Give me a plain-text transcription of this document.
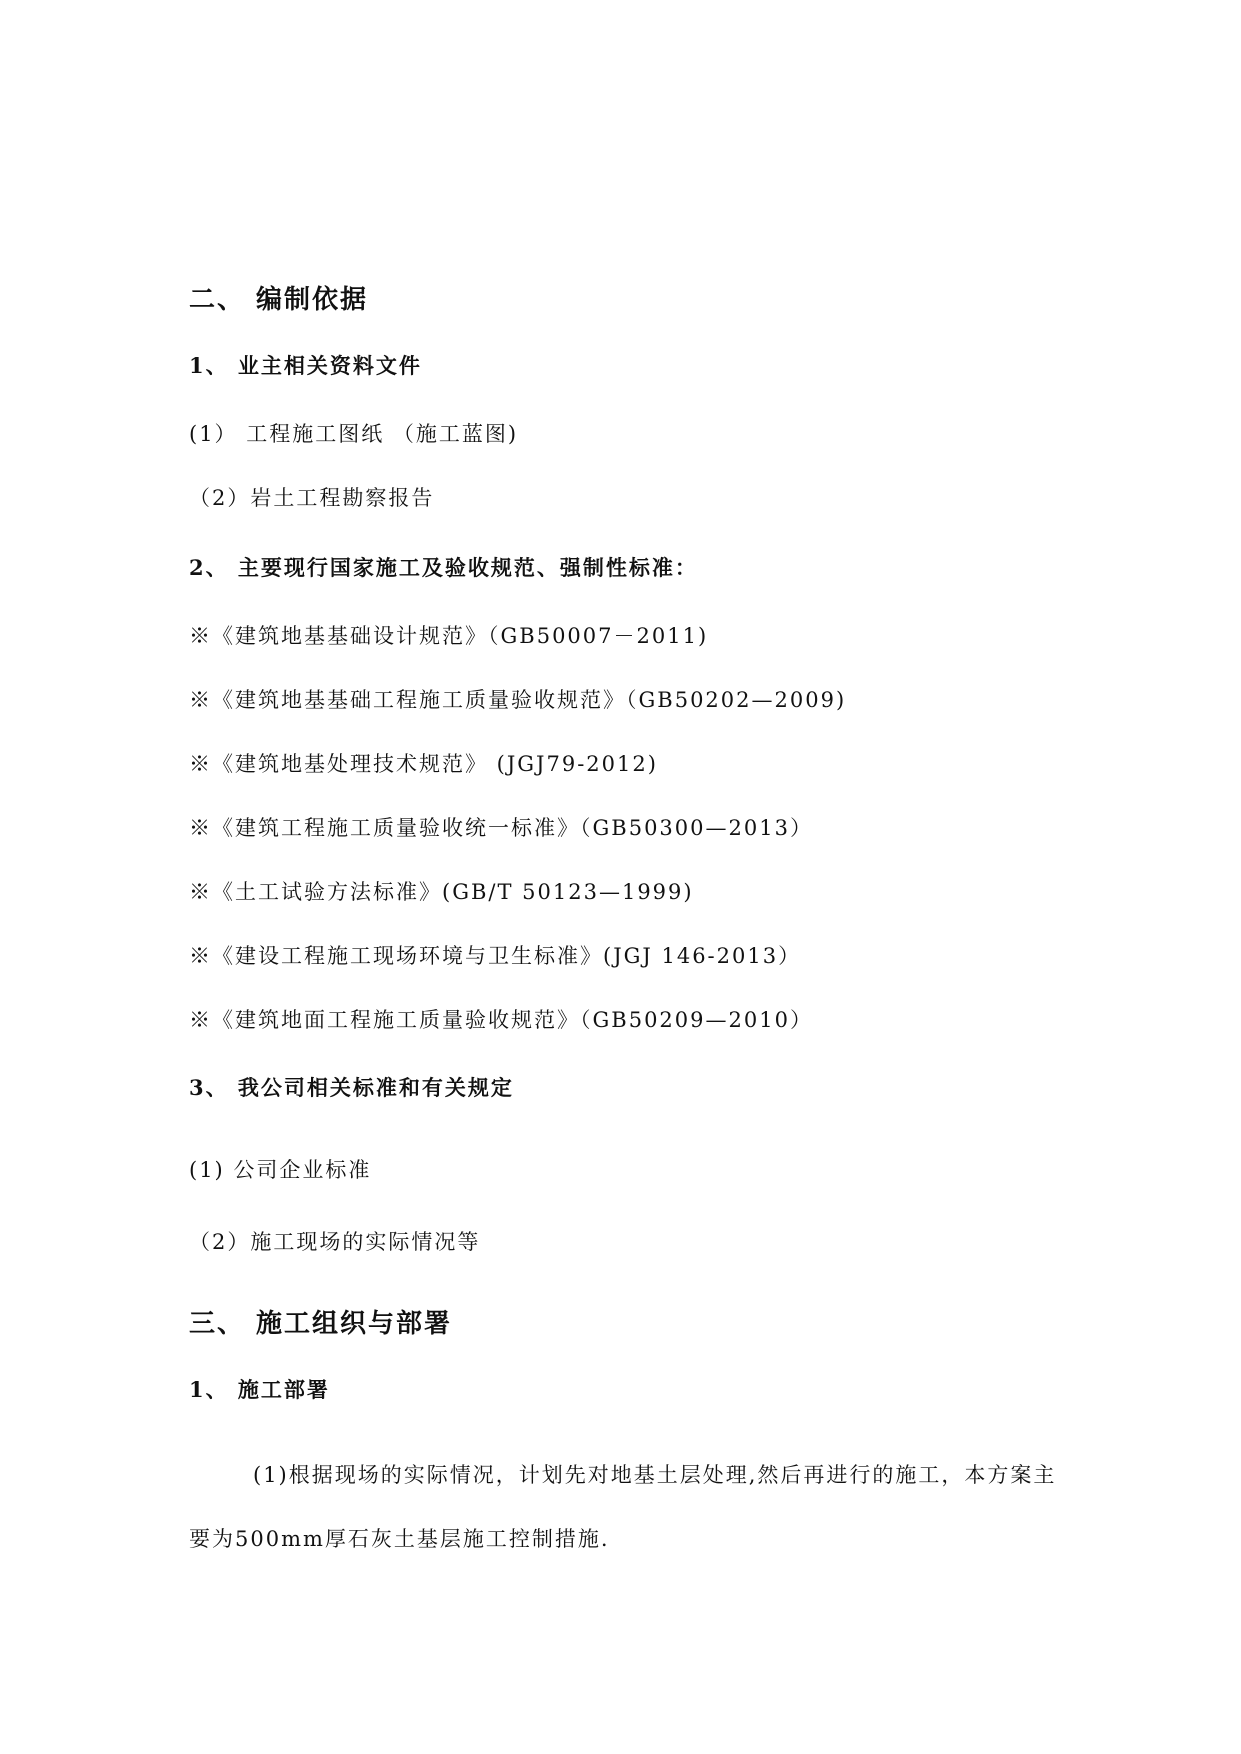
二、 编制依据
1、 业主相关资料文件

(1） 工程施工图纸 （施工蓝图)

（2）岩土工程勘察报告

2、 主要现行国家施工及验收规范、强制性标准：

※《建筑地基基础设计规范》（GB50007－2011)

※《建筑地基基础工程施工质量验收规范》（GB50202—2009)

※《建筑地基处理技术规范》 (JGJ79-2012)

※《建筑工程施工质量验收统一标准》（GB50300—2013）

※《土工试验方法标准》(GB/T 50123—1999)

※《建设工程施工现场环境与卫生标准》(JGJ 146-2013）

※《建筑地面工程施工质量验收规范》（GB50209—2010）

3、 我公司相关标准和有关规定

(1) 公司企业标准

（2）施工现场的实际情况等

三、 施工组织与部署
1、 施工部署

(1)根据现场的实际情况，计划先对地基土层处理,然后再进行的施工，本方案主要为500mm厚石灰土基层施工控制措施.
